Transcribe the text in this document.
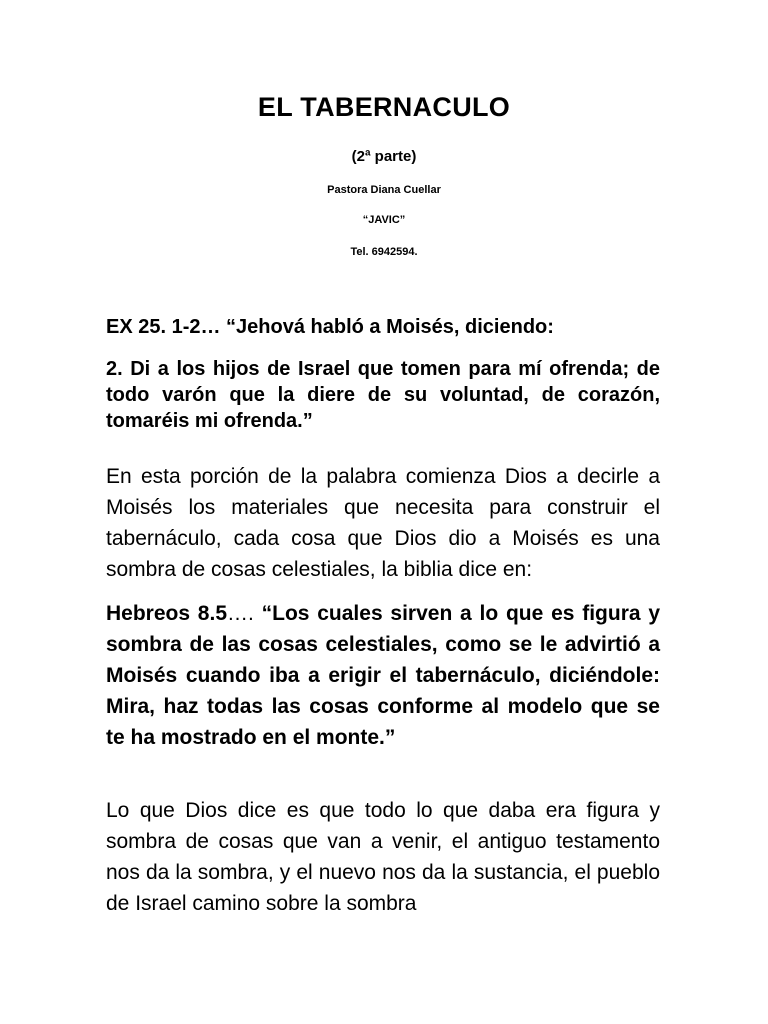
EL TABERNACULO
(2ª parte)
Pastora Diana Cuellar
“JAVIC”
Tel. 6942594.
EX 25. 1-2… “Jehová habló a Moisés, diciendo:
2. Di a los hijos de Israel que tomen para mí ofrenda; de todo varón que la diere de su voluntad, de corazón, tomaréis mi ofrenda.”
En esta porción de la palabra comienza Dios a decirle a Moisés los materiales que necesita para construir el tabernáculo, cada cosa que Dios dio a Moisés es una sombra de cosas celestiales, la biblia dice en:
Hebreos 8.5…. “Los cuales sirven a lo que es figura y sombra de las cosas celestiales, como se le advirtió a Moisés cuando iba a erigir el tabernáculo, diciéndole: Mira, haz todas las cosas conforme al modelo que se te ha mostrado en el monte.”
Lo que Dios dice es que todo lo que daba era figura y sombra de cosas que van a venir, el antiguo testamento nos da la sombra, y el nuevo nos da la sustancia, el pueblo de Israel camino sobre la sombra
